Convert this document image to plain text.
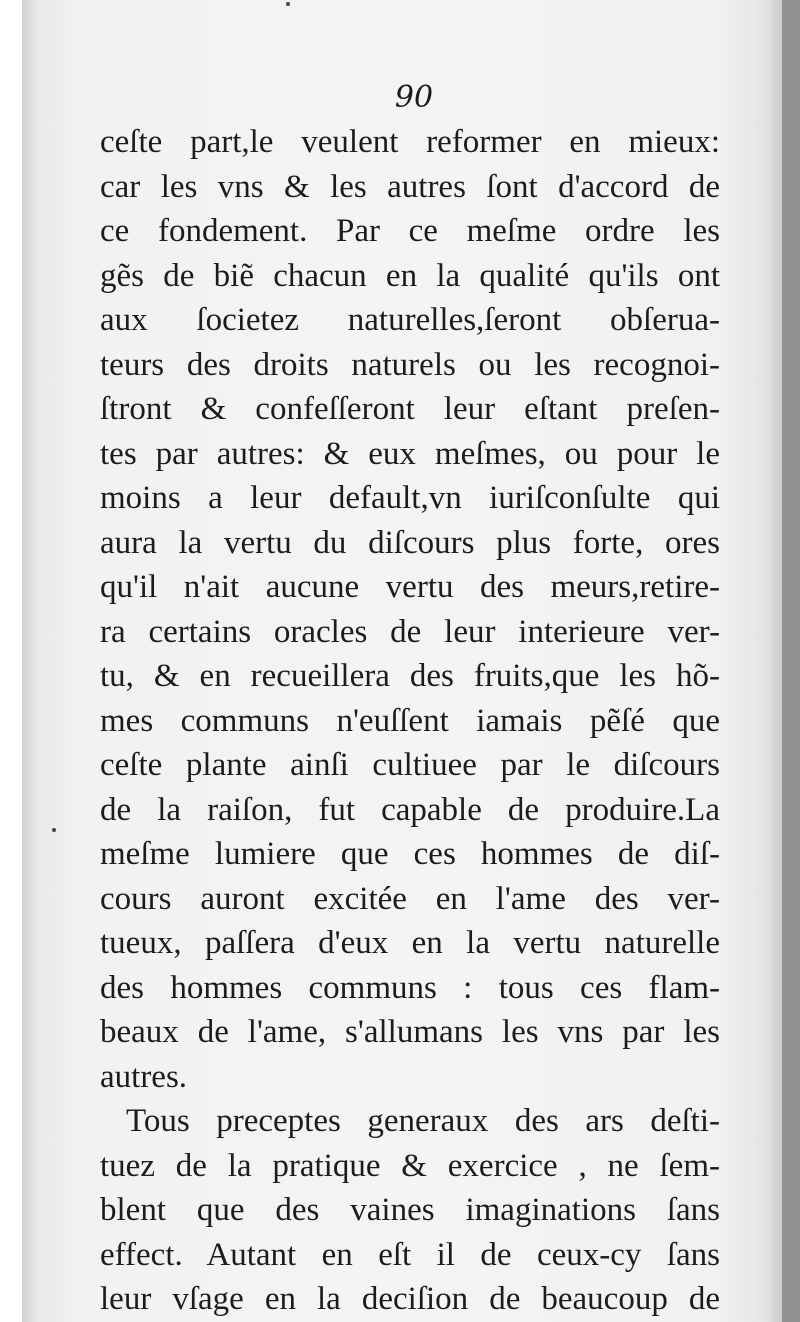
90
ceſte part,le veulent reformer en mieux:
car les vns & les autres ſont d'accord de
ce fondement. Par ce meſme ordre les
gẽs de biẽ chacun en la qualité qu'ils ont
aux ſocietez naturelles,ſeront obſerua-
teurs des droits naturels ou les recognoi-
ſtront & confeſſeront leur eſtant preſen-
tes par autres: & eux meſmes, ou pour le
moins a leur default,vn iuriſconſulte qui
aura la vertu du diſcours plus forte, ores
qu'il n'ait aucune vertu des meurs,retire-
ra certains oracles de leur interieure ver-
tu, & en recueillera des fruits,que les hõ-
mes communs n'euſſent iamais pẽſé que
ceſte plante ainſi cultiuee par le diſcours
de la raiſon, fut capable de produire.La
meſme lumiere que ces hommes de diſ-
cours auront excitée en l'ame des ver-
tueux, paſſera d'eux en la vertu naturelle
des hommes communs : tous ces flam-
beaux de l'ame, s'allumans les vns par les
autres.
Tous preceptes generaux des ars deſti-
tuez de la pratique & exercice , ne ſem-
blent que des vaines imaginations ſans
effect. Autant en eſt il de ceux-cy ſans
leur vſage en la deciſion de beaucoup de
